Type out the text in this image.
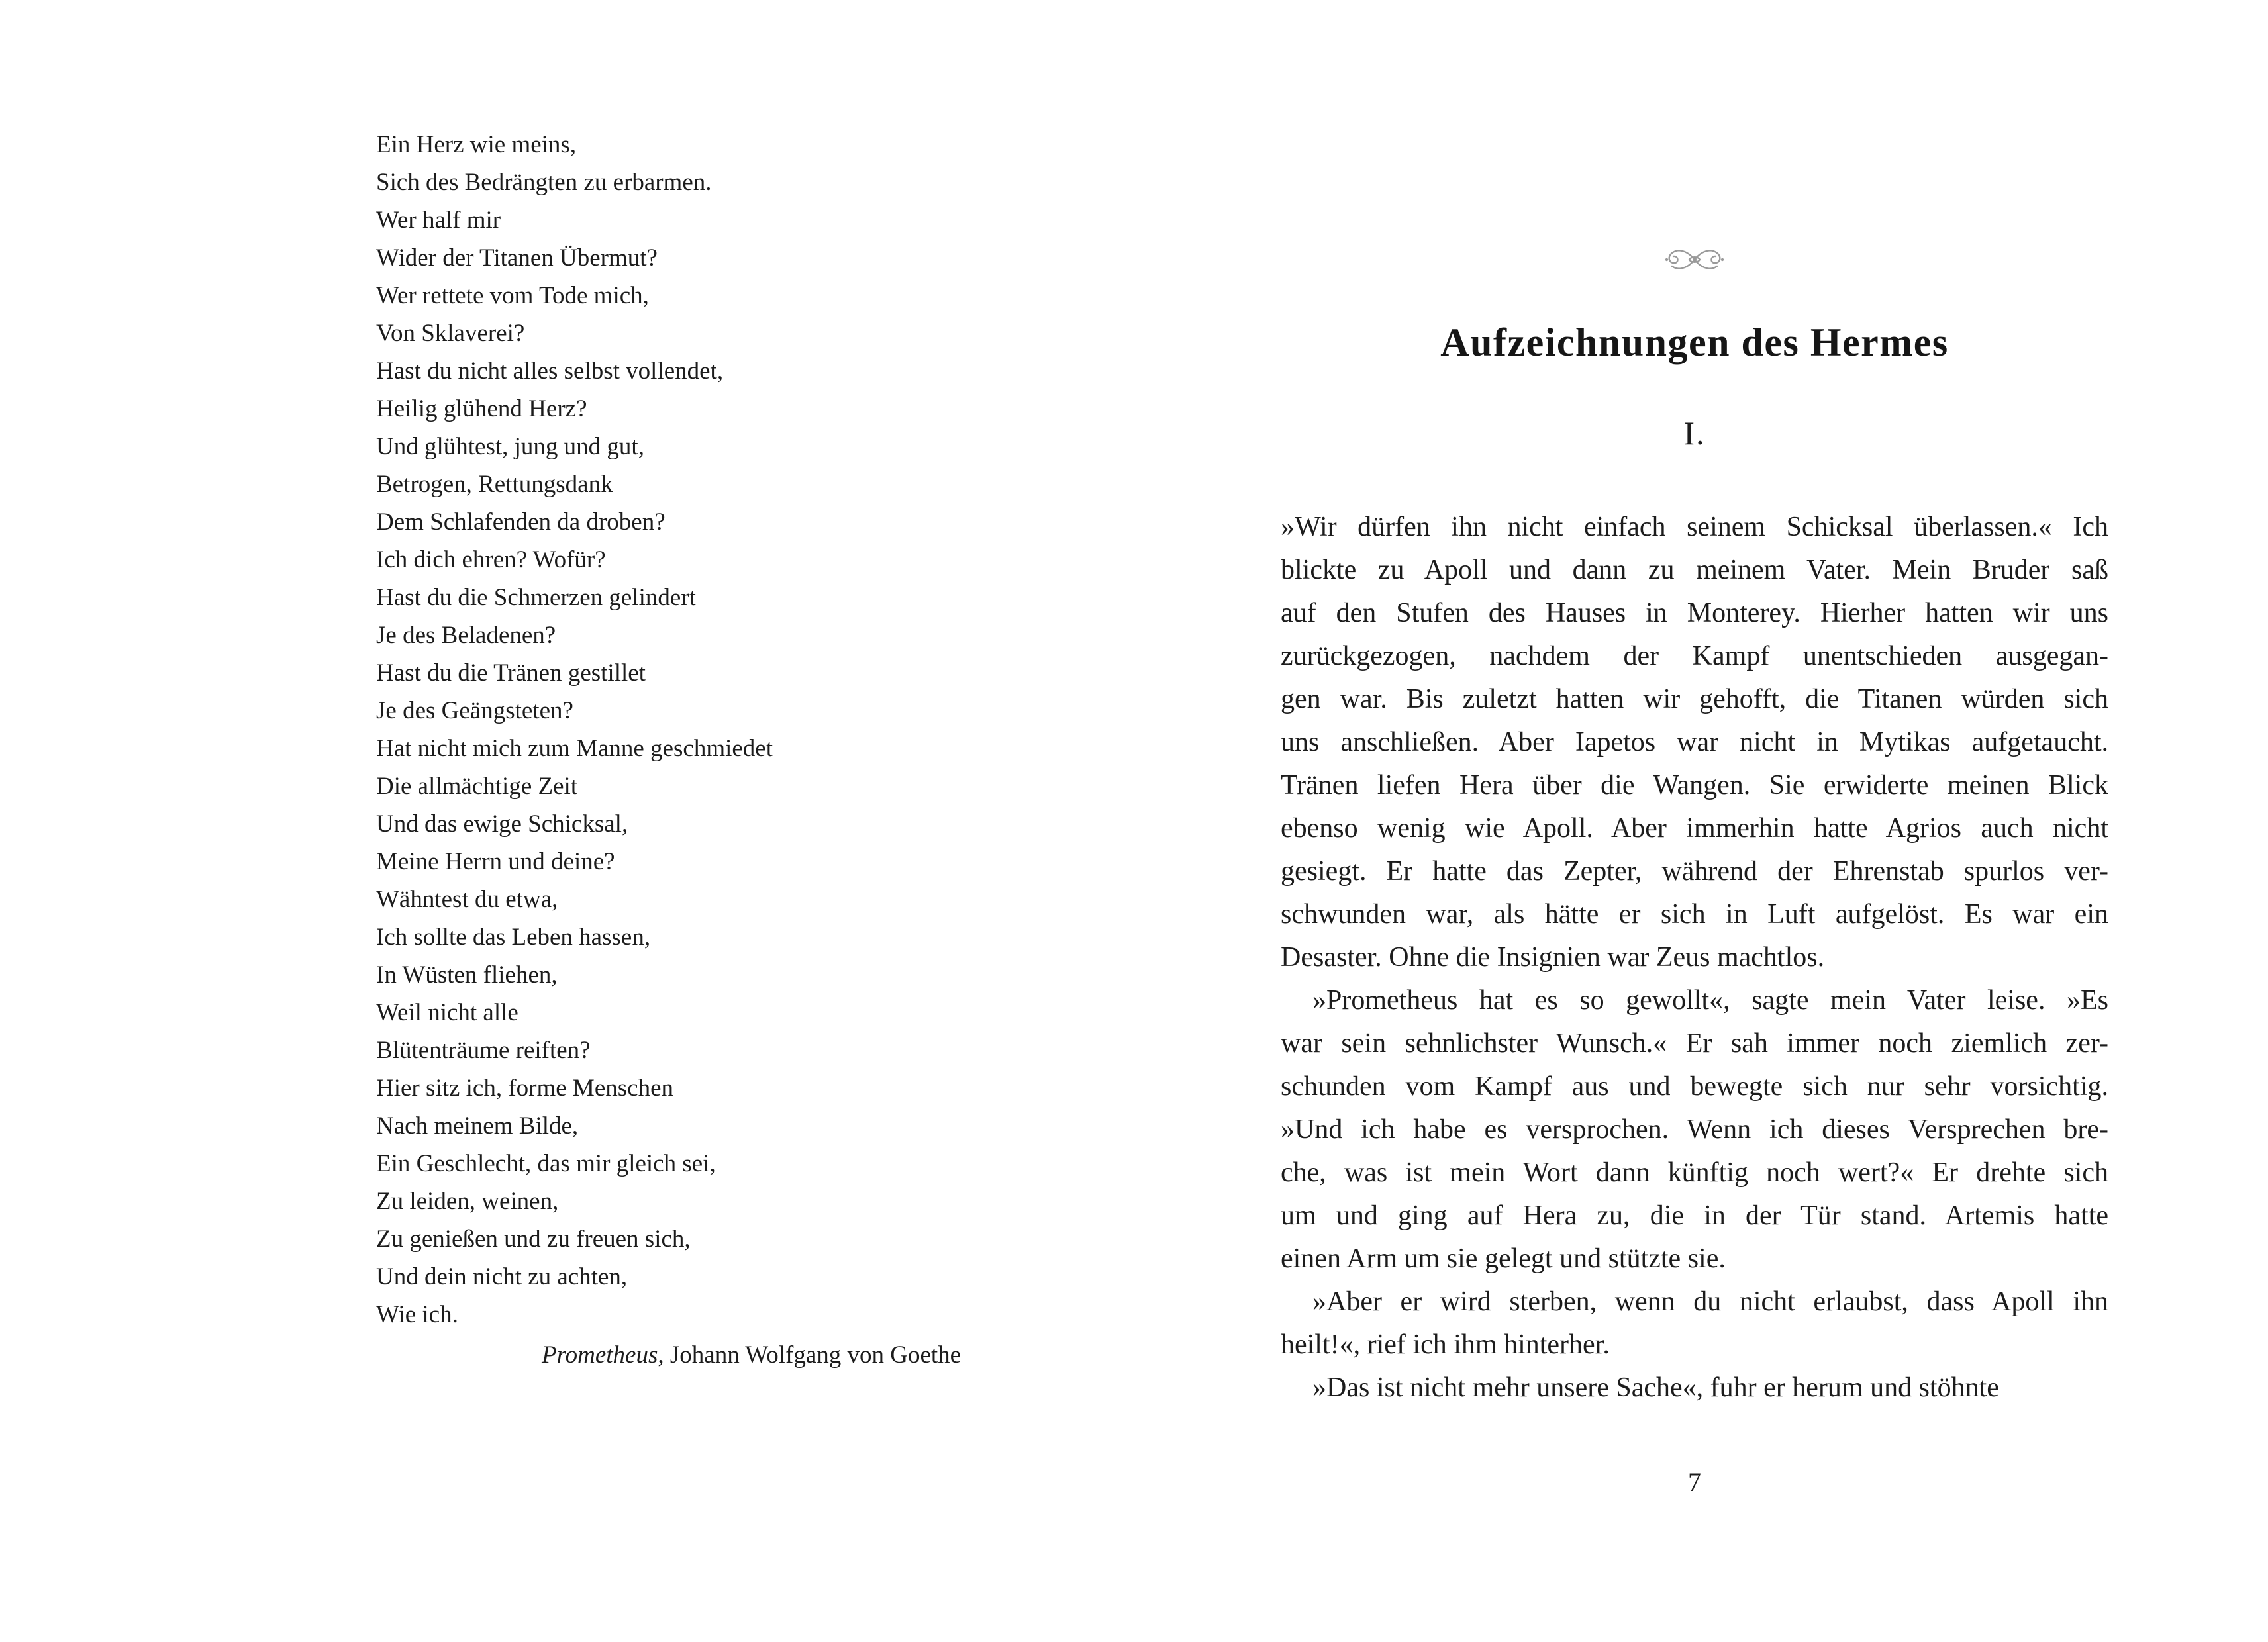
Ein Herz wie meins,
Sich des Bedrängten zu erbarmen.
Wer half mir
Wider der Titanen Übermut?
Wer rettete vom Tode mich,
Von Sklaverei?
Hast du nicht alles selbst vollendet,
Heilig glühend Herz?
Und glühtest, jung und gut,
Betrogen, Rettungsdank
Dem Schlafenden da droben?
Ich dich ehren? Wofür?
Hast du die Schmerzen gelindert
Je des Beladenen?
Hast du die Tränen gestillet
Je des Geängsteten?
Hat nicht mich zum Manne geschmiedet
Die allmächtige Zeit
Und das ewige Schicksal,
Meine Herrn und deine?
Wähntest du etwa,
Ich sollte das Leben hassen,
In Wüsten fliehen,
Weil nicht alle
Blütenträume reiften?
Hier sitz ich, forme Menschen
Nach meinem Bilde,
Ein Geschlecht, das mir gleich sei,
Zu leiden, weinen,
Zu genießen und zu freuen sich,
Und dein nicht zu achten,
Wie ich.
Prometheus, Johann Wolfgang von Goethe
Aufzeichnungen des Hermes
I.
»Wir dürfen ihn nicht einfach seinem Schicksal überlassen.« Ich
blickte zu Apoll und dann zu meinem Vater. Mein Bruder saß
auf den Stufen des Hauses in Monterey. Hierher hatten wir uns
zurückgezogen, nachdem der Kampf unentschieden ausgegan-
gen war. Bis zuletzt hatten wir gehofft, die Titanen würden sich
uns anschließen. Aber Iapetos war nicht in Mytikas aufgetaucht.
Tränen liefen Hera über die Wangen. Sie erwiderte meinen Blick
ebenso wenig wie Apoll. Aber immerhin hatte Agrios auch nicht
gesiegt. Er hatte das Zepter, während der Ehrenstab spurlos ver-
schwunden war, als hätte er sich in Luft aufgelöst. Es war ein
Desaster. Ohne die Insignien war Zeus machtlos.
»Prometheus hat es so gewollt«, sagte mein Vater leise. »Es
war sein sehnlichster Wunsch.« Er sah immer noch ziemlich zer-
schunden vom Kampf aus und bewegte sich nur sehr vorsichtig.
»Und ich habe es versprochen. Wenn ich dieses Versprechen bre-
che, was ist mein Wort dann künftig noch wert?« Er drehte sich
um und ging auf Hera zu, die in der Tür stand. Artemis hatte
einen Arm um sie gelegt und stützte sie.
»Aber er wird sterben, wenn du nicht erlaubst, dass Apoll ihn
heilt!«, rief ich ihm hinterher.
»Das ist nicht mehr unsere Sache«, fuhr er herum und stöhnte
7
